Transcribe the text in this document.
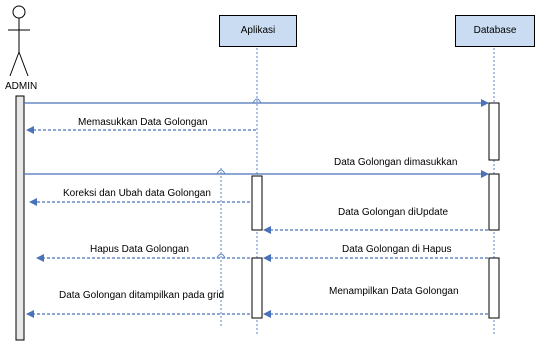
Aplikasi	Database
ADMIN
Memasukkan Data Golongan
Data Golongan dimasukkan
Koreksi dan Ubah data Golongan
Data Golongan diUpdate
Hapus Data Golongan	Data Golongan di Hapus
Data Golongan ditampilkan pada grid	Menampilkan Data Golongan
